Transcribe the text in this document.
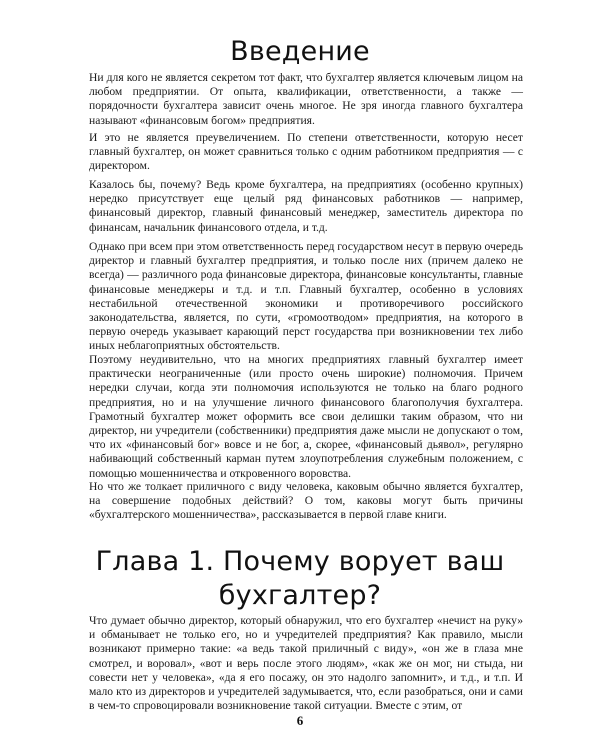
Введение

Ни для кого не является секретом тот факт, что бухгалтер является ключевым лицом на любом предприятии. От опыта, квалификации, ответственности, а также — порядочности бухгалтера зависит очень многое. Не зря иногда главного бухгалтера называют «финансовым богом» предприятия.

И это не является преувеличением. По степени ответственности, которую несет главный бухгалтер, он может сравниться только с одним работником предприятия — с директором.

Казалось бы, почему? Ведь кроме бухгалтера, на предприятиях (особенно крупных) нередко присутствует еще целый ряд финансовых работников — например, финансовый директор, главный финансовый менеджер, заместитель директора по финансам, начальник финансового отдела, и т.д.

Однако при всем при этом ответственность перед государством несут в первую очередь директор и главный бухгалтер предприятия, и только после них (причем далеко не всегда) — различного рода финансовые директора, финансовые консультанты, главные финансовые менеджеры и т.д. и т.п. Главный бухгалтер, особенно в условиях нестабильной отечественной экономики и противоречивого российского законодательства, является, по сути, «громоотводом» предприятия, на которого в первую очередь указывает карающий перст государства при возникновении тех либо иных неблагоприятных обстоятельств.

Поэтому неудивительно, что на многих предприятиях главный бухгалтер имеет практически неограниченные (или просто очень широкие) полномочия. Причем нередки случаи, когда эти полномочия используются не только на благо родного предприятия, но и на улучшение личного финансового благополучия бухгалтера. Грамотный бухгалтер может оформить все свои делишки таким образом, что ни директор, ни учредители (собственники) предприятия даже мысли не допускают о том, что их «финансовый бог» вовсе и не бог, а, скорее, «финансовый дьявол», регулярно набивающий собственный карман путем злоупотребления служебным положением, с помощью мошенничества и откровенного воровства.

Но что же толкает приличного с виду человека, каковым обычно является бухгалтер, на совершение подобных действий? О том, каковы могут быть причины «бухгалтерского мошенничества», рассказывается в первой главе книги.

Глава 1. Почему ворует ваш
бухгалтер?

Что думает обычно директор, который обнаружил, что его бухгалтер «нечист на руку» и обманывает не только его, но и учредителей предприятия? Как правило, мысли возникают примерно такие: «а ведь такой приличный с виду», «он же в глаза мне смотрел, и воровал», «вот и верь после этого людям», «как же он мог, ни стыда, ни совести нет у человека», «да я его посажу, он это надолго запомнит», и т.д., и т.п. И мало кто из директоров и учредителей задумывается, что, если разобраться, они и сами в чем-то спровоцировали возникновение такой ситуации. Вместе с этим, от

6
